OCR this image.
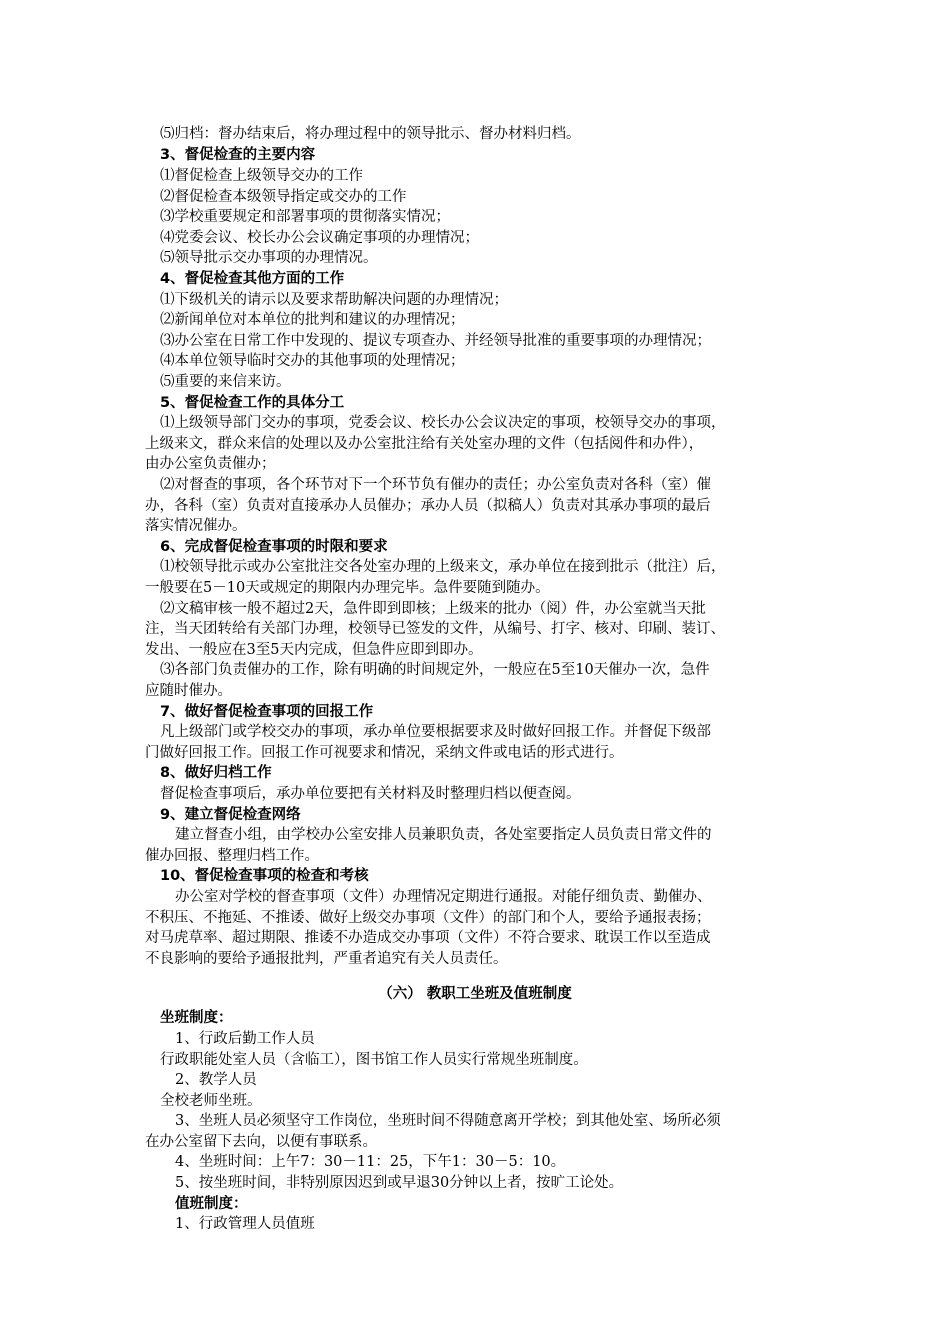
⑸归档：督办结束后，将办理过程中的领导批示、督办材料归档。
3、督促检查的主要内容
⑴督促检查上级领导交办的工作
⑵督促检查本级领导指定或交办的工作
⑶学校重要规定和部署事项的贯彻落实情况；
⑷党委会议、校长办公会议确定事项的办理情况；
⑸领导批示交办事项的办理情况。
4、督促检查其他方面的工作
⑴下级机关的请示以及要求帮助解决问题的办理情况；
⑵新闻单位对本单位的批判和建议的办理情况；
⑶办公室在日常工作中发现的、提议专项查办、并经领导批准的重要事项的办理情况；
⑷本单位领导临时交办的其他事项的处理情况；
⑸重要的来信来访。
5、督促检查工作的具体分工
⑴上级领导部门交办的事项，党委会议、校长办公会议决定的事项，校领导交办的事项，
上级来文，群众来信的处理以及办公室批注给有关处室办理的文件（包括阅件和办件），
由办公室负责催办；
⑵对督查的事项，各个环节对下一个环节负有催办的责任；办公室负责对各科（室）催
办，各科（室）负责对直接承办人员催办；承办人员（拟稿人）负责对其承办事项的最后
落实情况催办。
6、完成督促检查事项的时限和要求
⑴校领导批示或办公室批注交各处室办理的上级来文，承办单位在接到批示（批注）后，
一般要在5－10天或规定的期限内办理完毕。急件要随到随办。
⑵文稿审核一般不超过2天，急件即到即核；上级来的批办（阅）件，办公室就当天批
注，当天团转给有关部门办理，校领导已签发的文件，从编号、打字、核对、印刷、装订、
发出、一般应在3至5天内完成，但急件应即到即办。
⑶各部门负责催办的工作，除有明确的时间规定外，一般应在5至10天催办一次，急件
应随时催办。
7、做好督促检查事项的回报工作
凡上级部门或学校交办的事项，承办单位要根据要求及时做好回报工作。并督促下级部
门做好回报工作。回报工作可视要求和情况，采纳文件或电话的形式进行。
8、做好归档工作
督促检查事项后，承办单位要把有关材料及时整理归档以便查阅。
9、建立督促检查网络
建立督查小组，由学校办公室安排人员兼职负责，各处室要指定人员负责日常文件的
催办回报、整理归档工作。
10、督促检查事项的检查和考核
办公室对学校的督查事项（文件）办理情况定期进行通报。对能仔细负责、勤催办、
不积压、不拖延、不推诿、做好上级交办事项（文件）的部门和个人，要给予通报表扬；
对马虎草率、超过期限、推诿不办造成交办事项（文件）不符合要求、耽误工作以至造成
不良影响的要给予通报批判，严重者追究有关人员责任。
（六） 教职工坐班及值班制度
坐班制度：
1、行政后勤工作人员
行政职能处室人员（含临工），图书馆工作人员实行常规坐班制度。
2、教学人员
全校老师坐班。
3、坐班人员必须坚守工作岗位，坐班时间不得随意离开学校；到其他处室、场所必须
在办公室留下去向，以便有事联系。
4、坐班时间：上午7：30－11：25，下午1：30－5：10。
5、按坐班时间，非特别原因迟到或早退30分钟以上者，按旷工论处。
值班制度：
1、行政管理人员值班
